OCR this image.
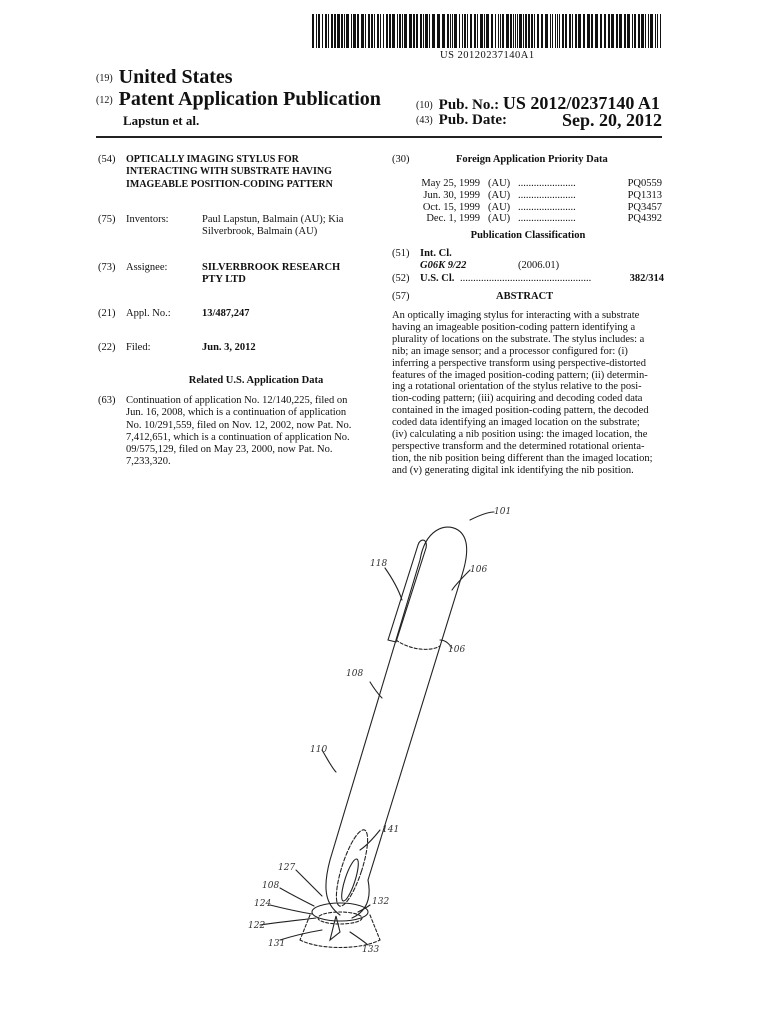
US 20120237140A1
(19) United States
(12) Patent Application Publication
Lapstun et al.
(10) Pub. No.: US 2012/0237140 A1
(43) Pub. Date:	Sep. 20, 2012
(54)	OPTICALLY IMAGING STYLUS FOR
INTERACTING WITH SUBSTRATE HAVING
IMAGEABLE POSITION-CODING PATTERN
(75)	Inventors:	Paul Lapstun, Balmain (AU); Kia
Silverbrook, Balmain (AU)
(73)	Assignee:	SILVERBROOK RESEARCH
PTY LTD
(21)	Appl. No.:	13/487,247
(22)	Filed:	Jun. 3, 2012
Related U.S. Application Data
(63)	Continuation of application No. 12/140,225, filed on
Jun. 16, 2008, which is a continuation of application
No. 10/291,559, filed on Nov. 12, 2002, now Pat. No.
7,412,651, which is a continuation of application No.
09/575,129, filed on May 23, 2000, now Pat. No.
7,233,320.
(30)	Foreign Application Priority Data
May 25, 1999 (AU) ......................	PQ0559
Jun. 30, 1999 (AU) ......................	PQ1313
Oct. 15, 1999 (AU) ......................	PQ3457
Dec. 1, 1999 (AU) ......................	PQ4392
Publication Classification
(51)	Int. Cl.
G06K 9/22	(2006.01)
(52)	U.S. Cl. ..................................................	382/314
(57)	ABSTRACT
An optically imaging stylus for interacting with a substrate
having an imageable position-coding pattern identifying a
plurality of locations on the substrate. The stylus includes: a
nib; an image sensor; and a processor configured for: (i)
inferring a perspective transform using perspective-distorted
features of the imaged position-coding pattern; (ii) determin-
ing a rotational orientation of the stylus relative to the posi-
tion-coding pattern; (iii) acquiring and decoding coded data
contained in the imaged position-coding pattern, the decoded
coded data identifying an imaged location on the substrate;
(iv) calculating a nib position using: the imaged location, the
perspective transform and the determined rotational orienta-
tion, the nib position being different than the imaged location;
and (v) generating digital ink identifying the nib position.
101
118
106
106
108
110
141
127
108
124	132
122
131
133
